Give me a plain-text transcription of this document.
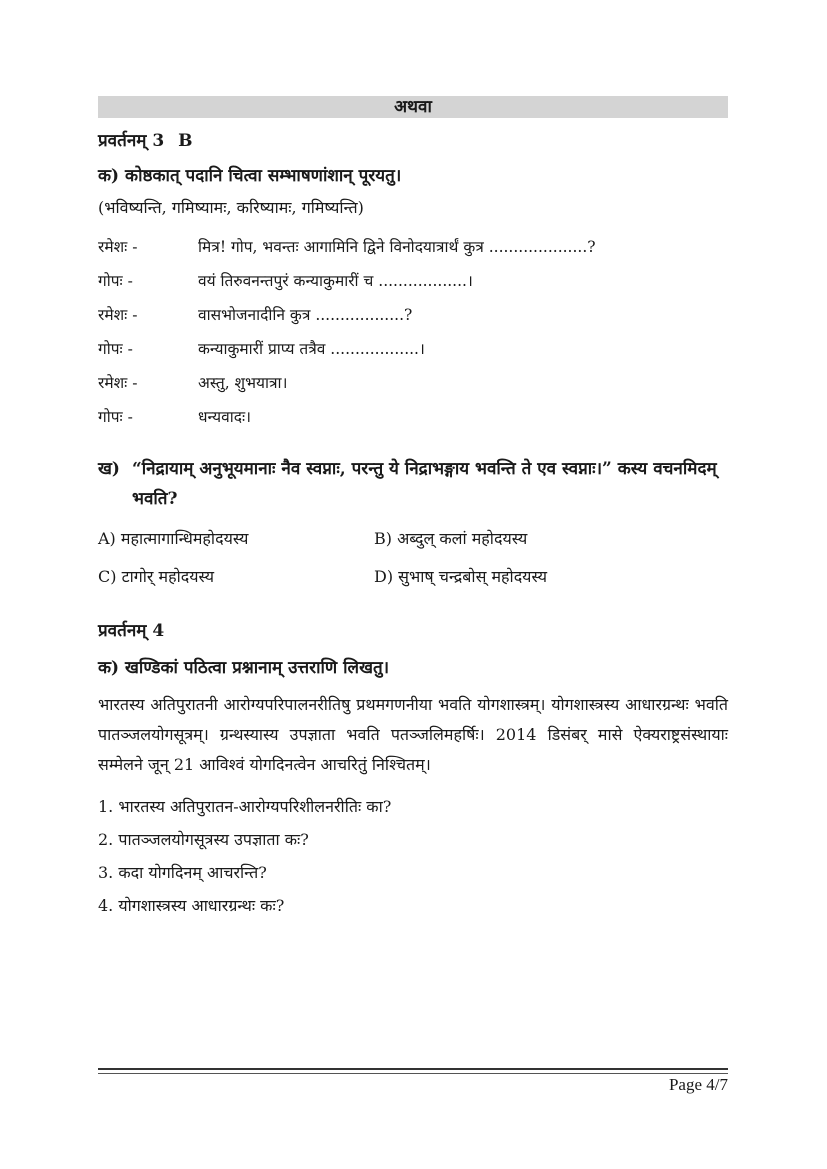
अथवा
प्रवर्तनम् 3 B
क) कोष्ठकात् पदानि चित्वा सम्भाषणांशान् पूरयतु।
(भविष्यन्ति, गमिष्यामः, करिष्यामः, गमिष्यन्ति)
रमेशः -	मित्र! गोप, भवन्तः आगामिनि द्विने विनोदयात्रार्थं कुत्र ....................?
गोपः -	वयं तिरुवनन्तपुरं कन्याकुमारीं च ..................।
रमेशः -	वासभोजनादीनि कुत्र ..................?
गोपः -	कन्याकुमारीं प्राप्य तत्रैव ..................।
रमेशः -	अस्तु, शुभयात्रा।
गोपः -	धन्यवादः।
ख) “निद्रायाम् अनुभूयमानाः नैव स्वप्नाः, परन्तु ये निद्राभङ्गाय भवन्ति ते एव स्वप्नाः।” कस्य वचनमिदम् भवति?
A) महात्मागान्धिमहोदयस्य	B) अब्दुल् कलां महोदयस्य
C) टागोर् महोदयस्य	D) सुभाष् चन्द्रबोस् महोदयस्य
प्रवर्तनम् 4
क) खण्डिकां पठित्वा प्रश्नानाम् उत्तराणि लिखतु।
भारतस्य अतिपुरातनी आरोग्यपरिपालनरीतिषु प्रथमगणनीया भवति योगशास्त्रम्। योगशास्त्रस्य आधारग्रन्थः भवति पातञ्जलयोगसूत्रम्। ग्रन्थस्यास्य उपज्ञाता भवति पतञ्जलिमहर्षिः। 2014 डिसंबर् मासे ऐक्यराष्ट्रसंस्थायाः सम्मेलने जून् 21 आविश्वं योगदिनत्वेन आचरितुं निश्चितम्।
1. भारतस्य अतिपुरातन-आरोग्यपरिशीलनरीतिः का?
2. पातञ्जलयोगसूत्रस्य उपज्ञाता कः?
3. कदा योगदिनम् आचरन्ति?
4. योगशास्त्रस्य आधारग्रन्थः कः?
Page 4/7
